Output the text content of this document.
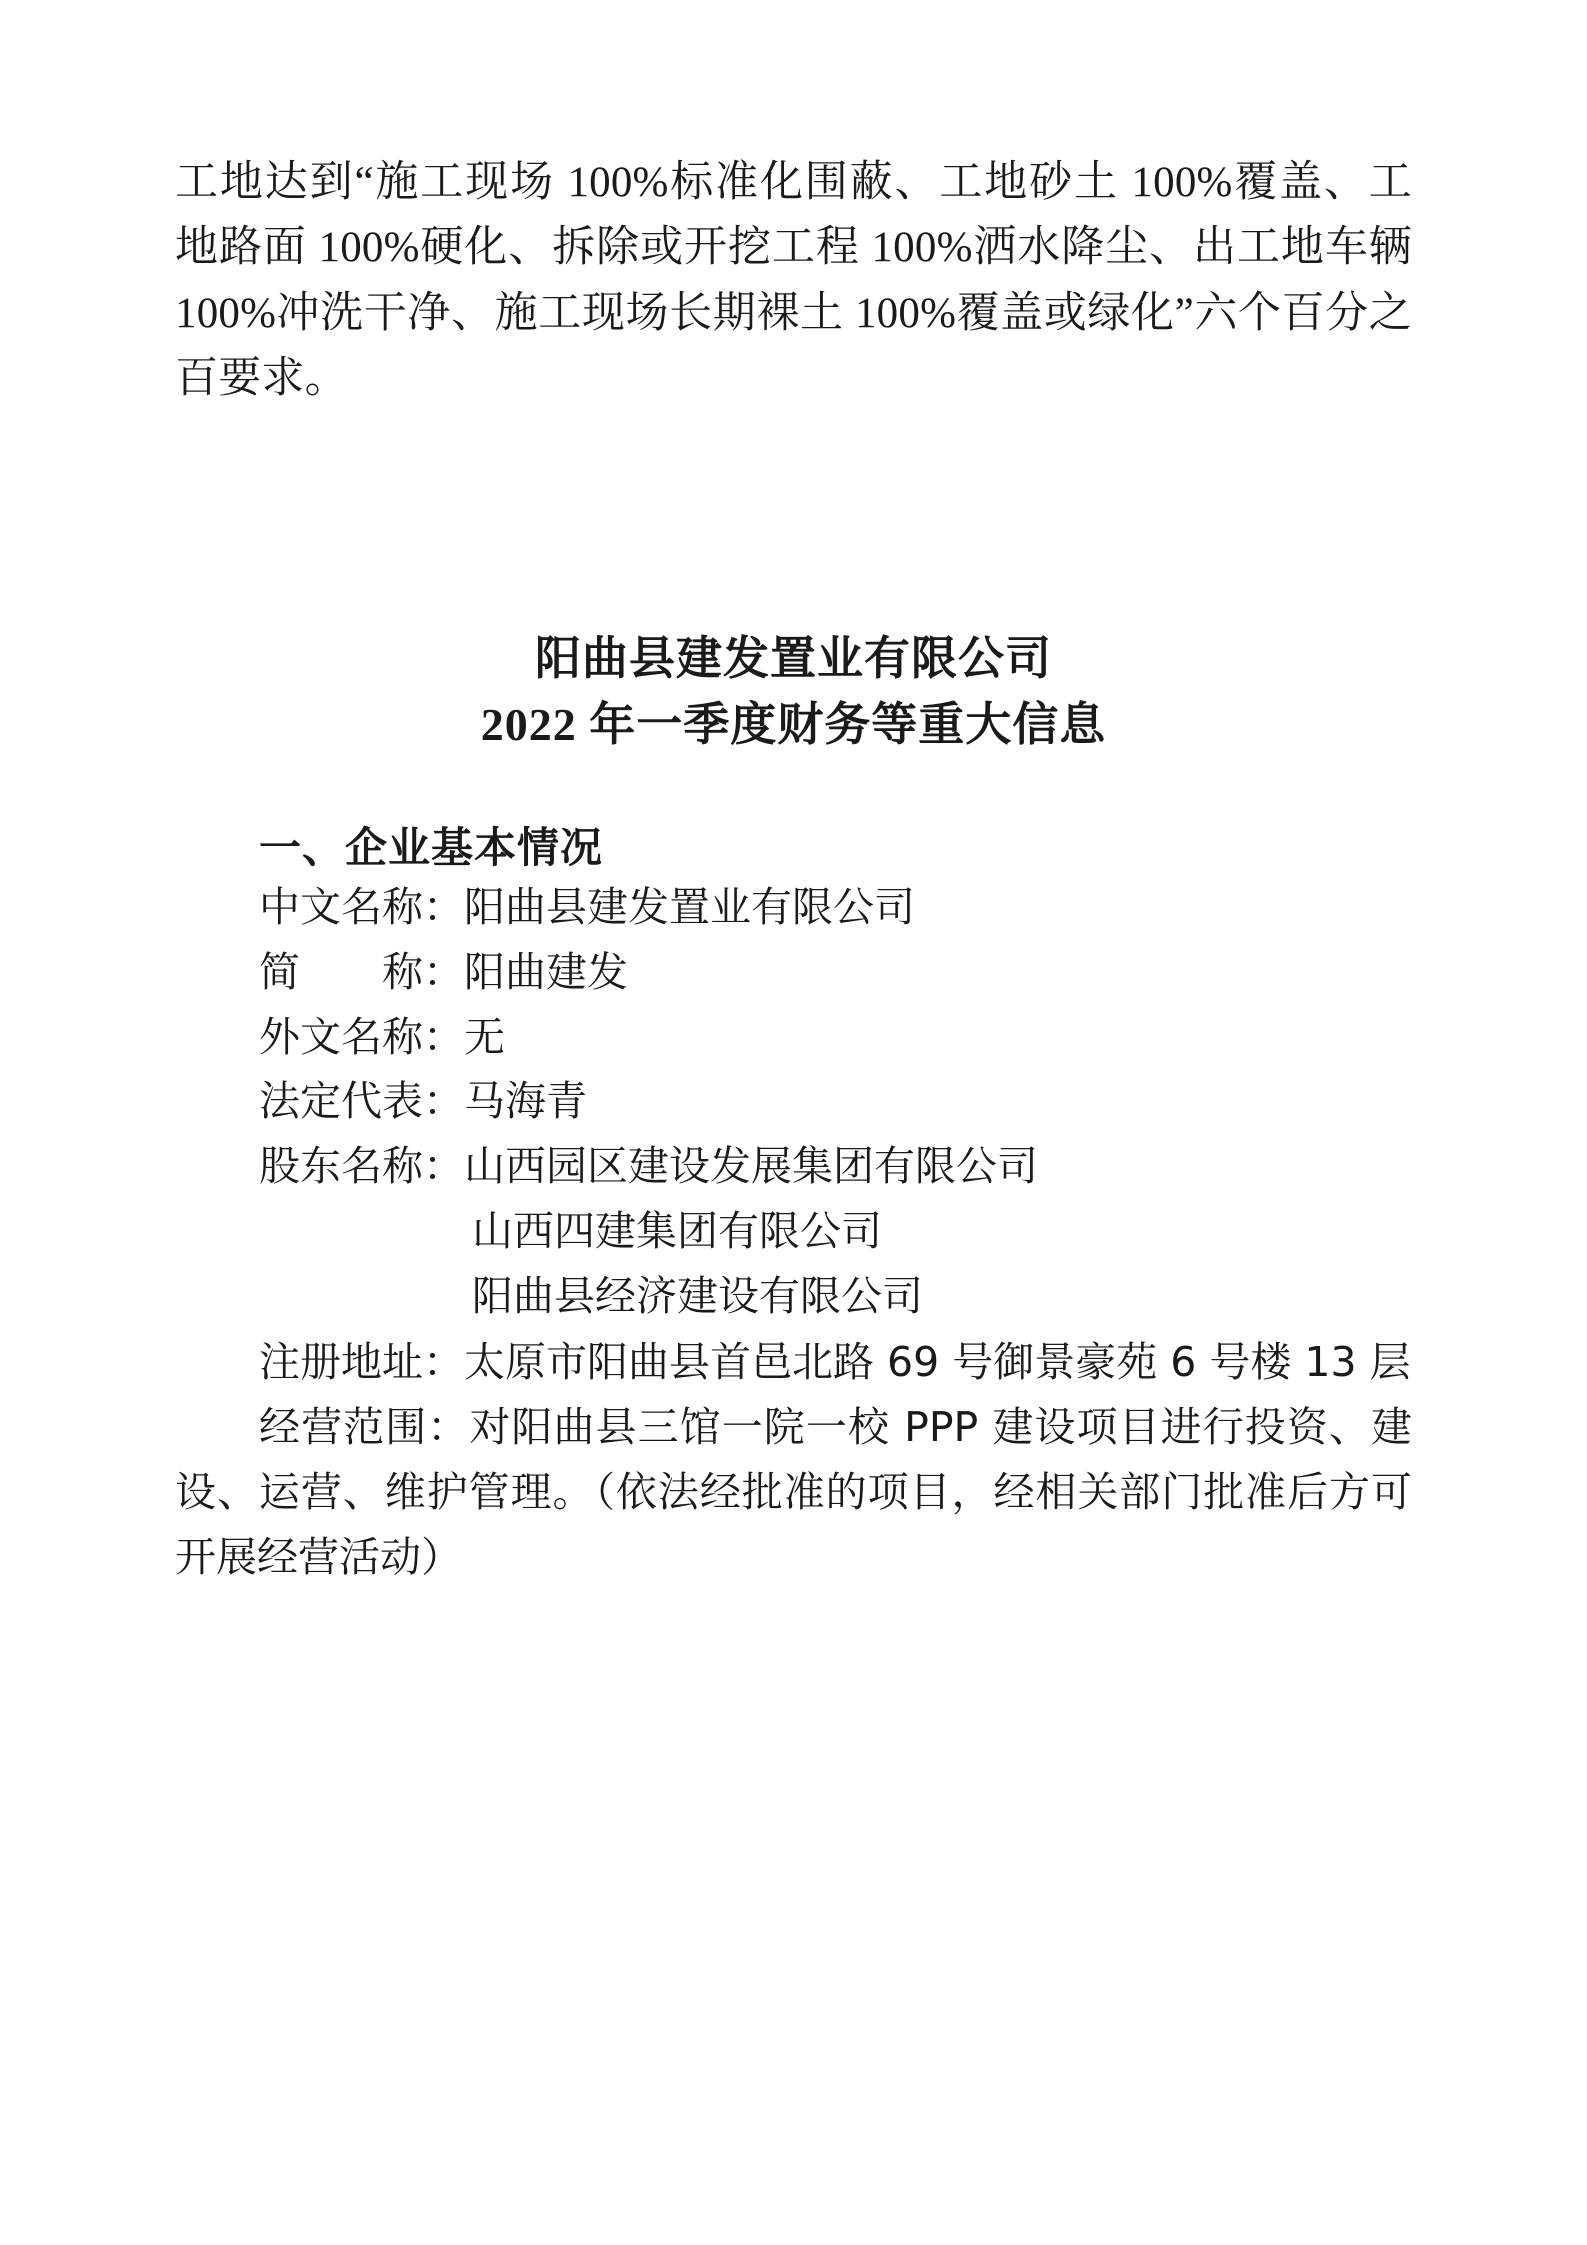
工地达到“施工现场 100%标准化围蔽、工地砂土 100%覆盖、工地路面 100%硬化、拆除或开挖工程 100%洒水降尘、出工地车辆 100%冲洗干净、施工现场长期裸土 100%覆盖或绿化”六个百分之百要求。

阳曲县建发置业有限公司
2022 年一季度财务等重大信息
一、企业基本情况
中文名称： 阳曲县建发置业有限公司
简　　称： 阳曲建发
外文名称： 无
法定代表： 马海青
股东名称： 山西园区建设发展集团有限公司
山西四建集团有限公司
阳曲县经济建设有限公司

注册地址：太原市阳曲县首邑北路 69 号御景豪苑 6 号楼 13 层

经营范围：对阳曲县三馆一院一校 PPP 建设项目进行投资、建设、运营、维护管理。（依法经批准的项目，经相关部门批准后方可开展经营活动）
